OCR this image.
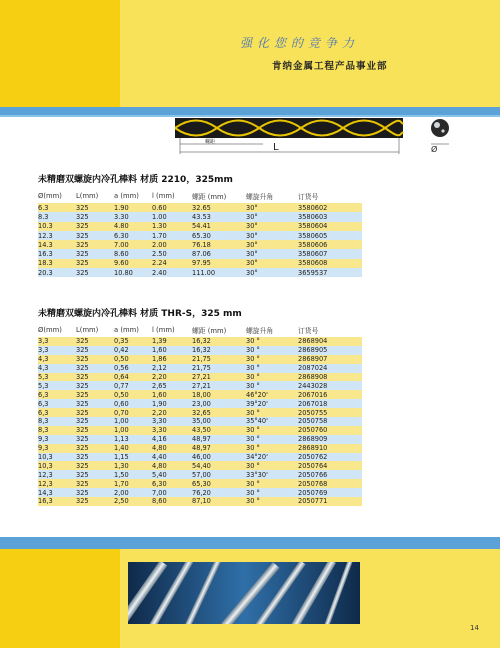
强化您的竞争力
肯纳金属工程产品事业部
螺距	L	Ø
未精磨双螺旋内冷孔棒料 材质 2210，325mm
Ø(mm)	L(mm)	a (mm)	l (mm)	螺距 (mm)	螺旋升角	订货号
6.3	325	1.90	0.60	32.65	30°	3580602
8.3	325	3.30	1.00	43.53	30°	3580603
10.3	325	4.80	1.30	54.41	30°	3580604
12.3	325	6.30	1.70	65.30	30°	3580605
14.3	325	7.00	2.00	76.18	30°	3580606
16.3	325	8.60	2.50	87.06	30°	3580607
18.3	325	9.60	2.24	97.95	30°	3580608
20.3	325	10.80	2.40	111.00	30°	3659537
未精磨双螺旋内冷孔棒料 材质 THR-S，325 mm
Ø(mm)	L(mm)	a (mm)	l (mm)	螺距 (mm)	螺旋升角	订货号
3,3	325	0,35	1,39	16,32	30 °	2868904
3,3	325	0,42	1,60	16,32	30 °	2868905
4,3	325	0,50	1,86	21,75	30 °	2868907
4,3	325	0,56	2,12	21,75	30 °	2087024
5,3	325	0,64	2,20	27,21	30 °	2868908
5,3	325	0,77	2,65	27,21	30 °	2443028
6,3	325	0,50	1,60	18,00	46°20'	2067016
6,3	325	0,60	1,90	23,00	39°20'	2067018
6,3	325	0,70	2,20	32,65	30 °	2050755
8,3	325	1,00	3,30	35,00	35°40'	2050758
8,3	325	1,00	3,30	43,50	30 °	2050760
9,3	325	1,13	4,16	48,97	30 °	2868909
9,3	325	1,40	4,80	48,97	30 °	2868910
10,3	325	1,15	4,40	46,00	34°20'	2050762
10,3	325	1,30	4,80	54,40	30 °	2050764
12,3	325	1,50	5,40	57,00	33°30'	2050766
12,3	325	1,70	6,30	65,30	30 °	2050768
14,3	325	2,00	7,00	76,20	30 °	2050769
16,3	325	2,50	8,60	87,10	30 °	2050771
14
